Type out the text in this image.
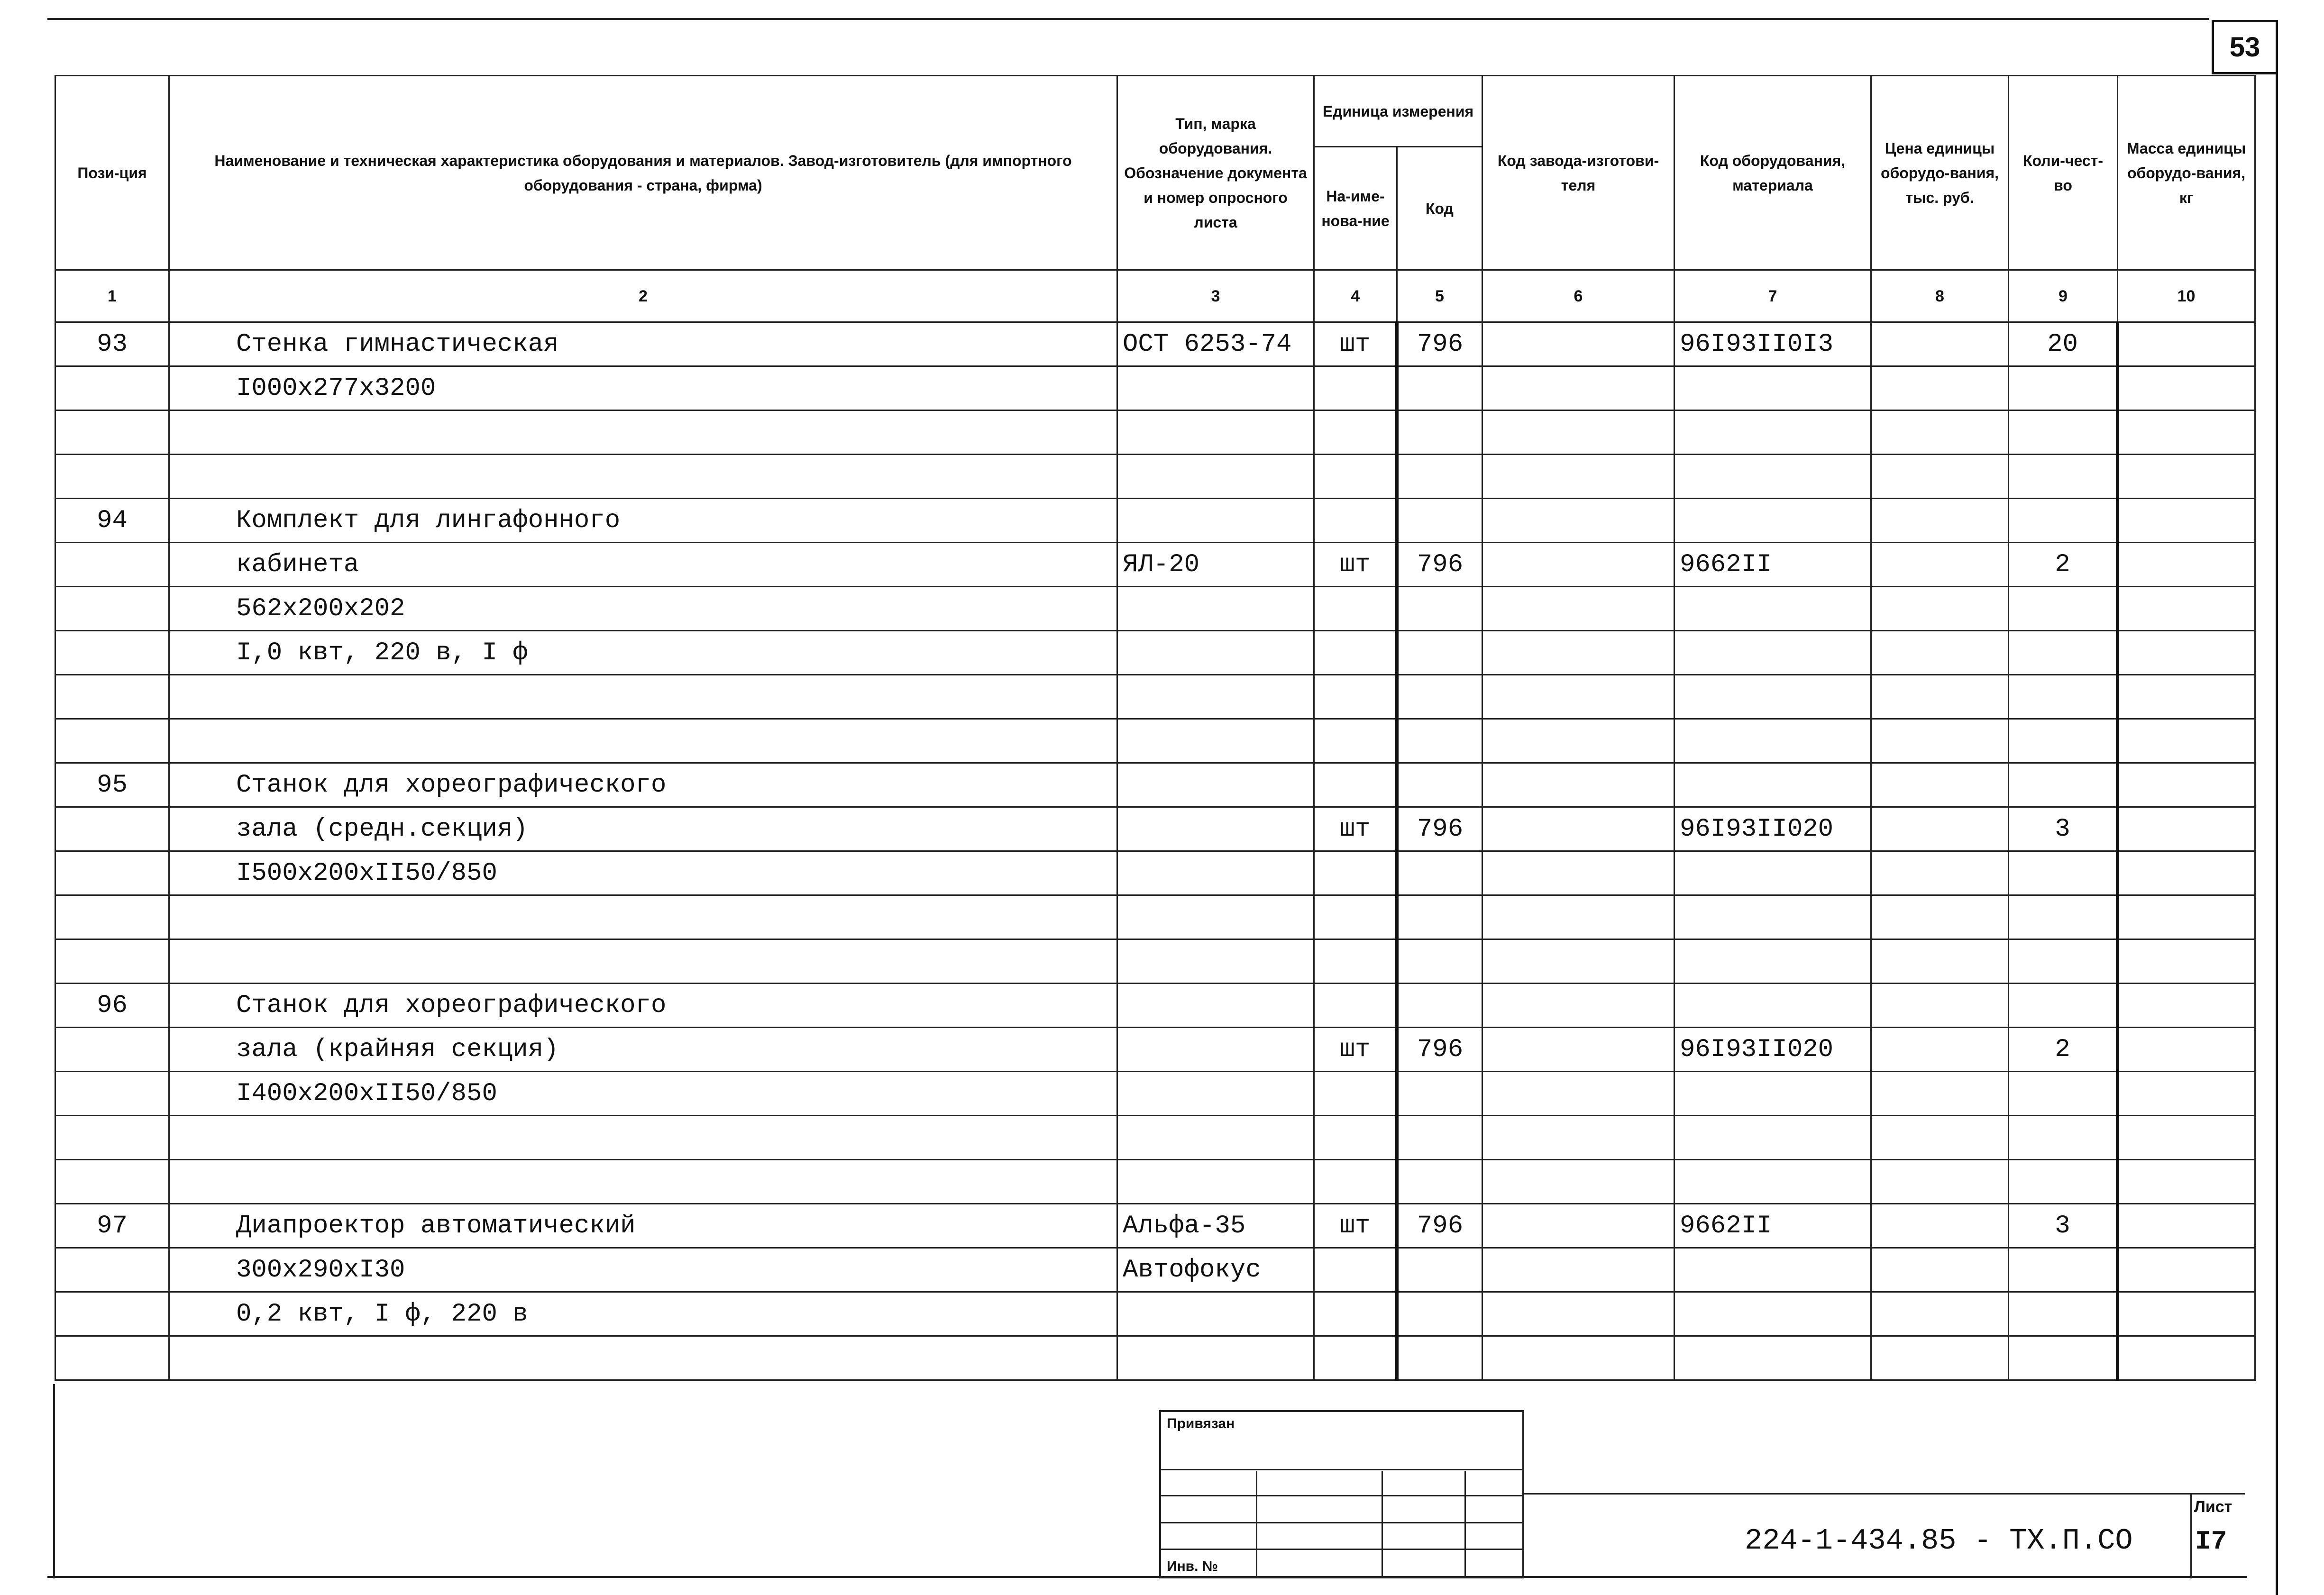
53
Пози-ция	Наименование и техническая характеристика оборудования и материалов. Завод-изготовитель (для импортного оборудования - страна, фирма)	Тип, марка оборудования. Обозначение документа и номер опросного листа	Единица измерения		Код завода-изготови-теля	Код оборудования, материала	Цена единицы оборудо-вания, тыс. руб.	Коли-чест-во	Масса единицы оборудо-вания, кг
			На-име-нова-ние	Код					
1	2	3	4	5	6	7	8	9	10
93	Стенка гимнастическая	ОСТ 6253-74	шт	796		96I93II0I3		20	
	I000x277x3200								

94	Комплект для лингафонного								
	кабинета	ЯЛ-20	шт	796		9662II		2	
	562x200x202								
	I,0 квт, 220 в, I ф								

95	Станок для хореографического								
	зала (средн.секция)		шт	796		96I93II020		3	
	I500x200xII50/850								

96	Станок для хореографического								
	зала (крайняя секция)		шт	796		96I93II020		2	
	I400x200xII50/850								

97	Диапроектор автоматический	Альфа-35	шт	796		9662II		3	
	300x290xI30	Автофокус							
	0,2 квт, I ф, 220 в								

Привязан
Инв. №
224-1-434.85 - ТХ.П.СО
Лист
I7
